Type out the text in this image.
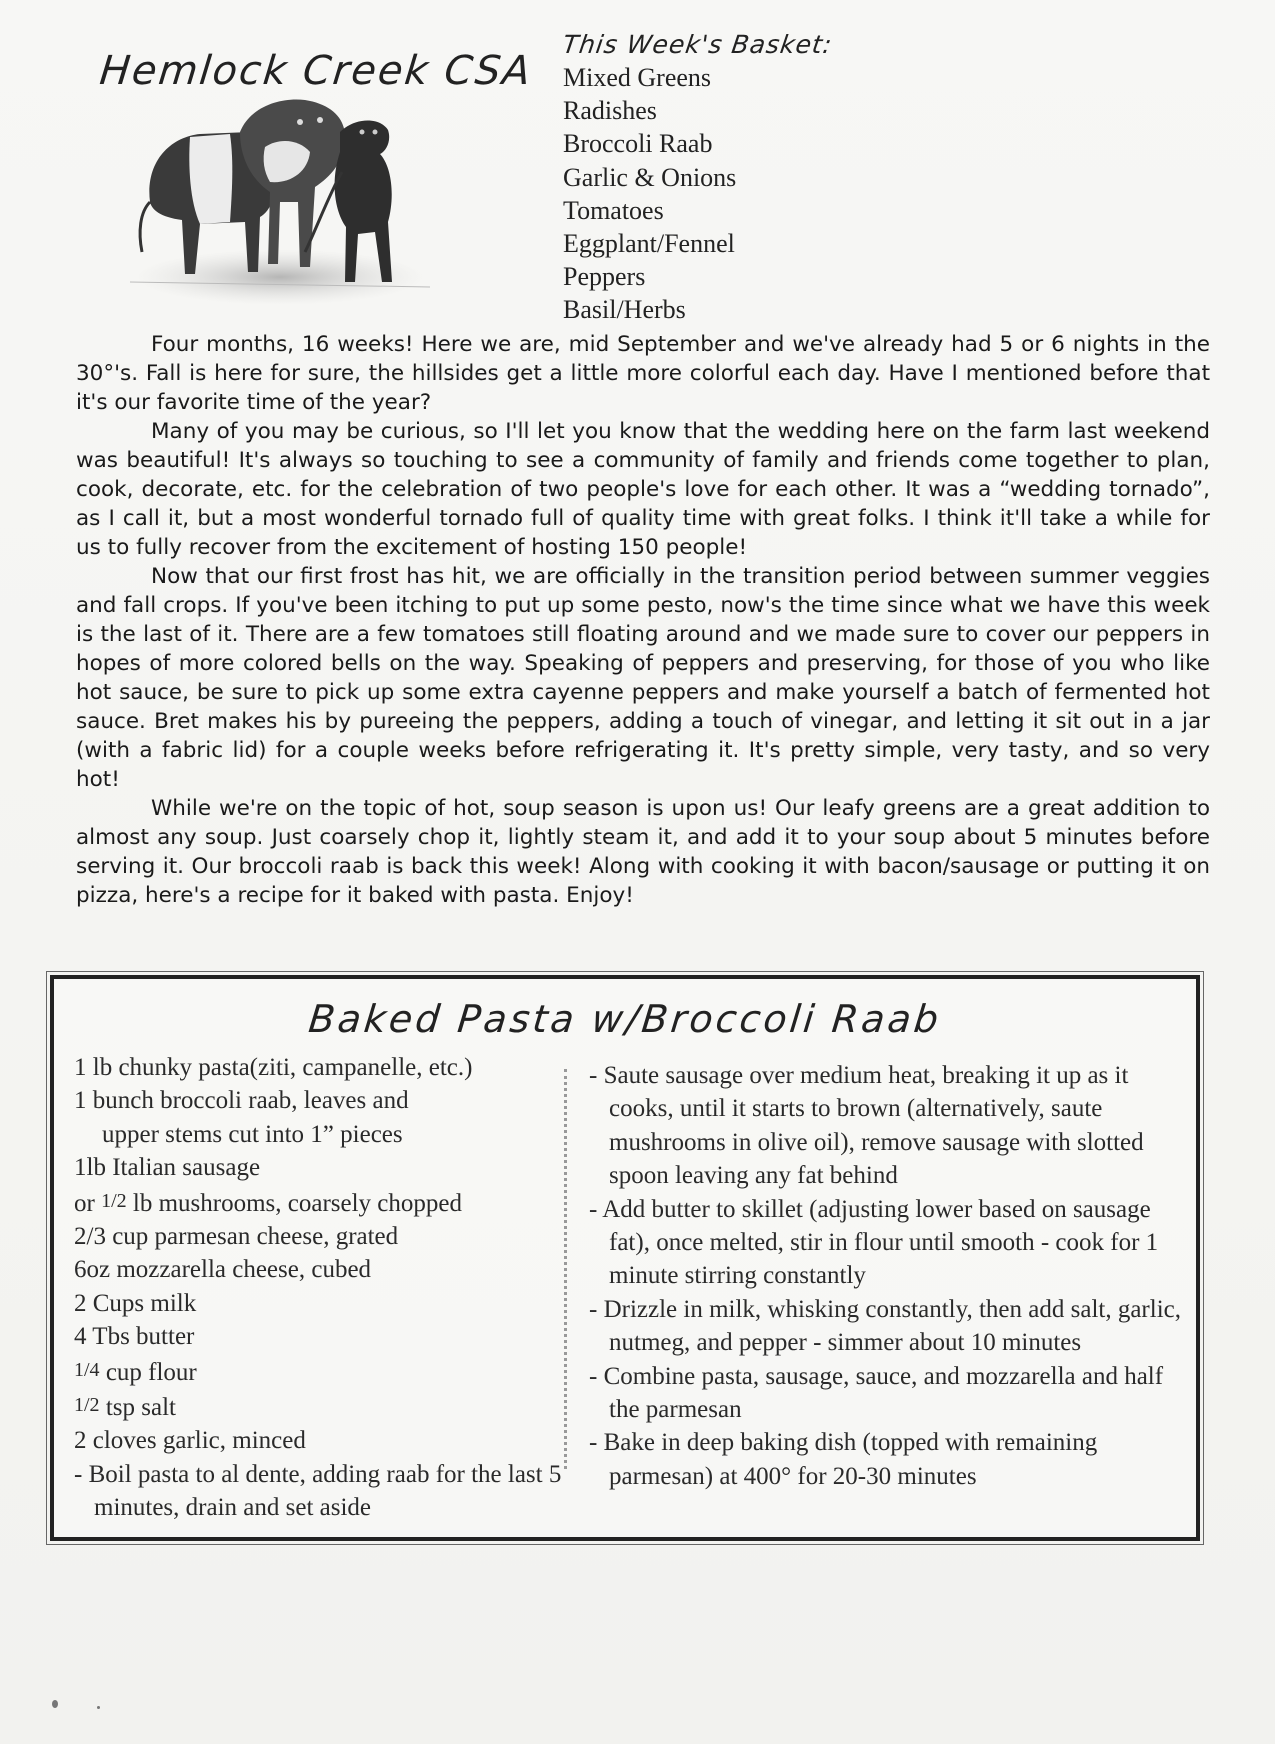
Hemlock Creek CSA
This Week's Basket:
Mixed Greens
Radishes
Broccoli Raab
Garlic & Onions
Tomatoes
Eggplant/Fennel
Peppers
Basil/Herbs

Four months, 16 weeks! Here we are, mid September and we've already had 5 or 6 nights in the 30°'s. Fall is here for sure, the hillsides get a little more colorful each day. Have I mentioned before that it's our favorite time of the year?

Many of you may be curious, so I'll let you know that the wedding here on the farm last weekend was beautiful! It's always so touching to see a community of family and friends come together to plan, cook, decorate, etc. for the celebration of two people's love for each other. It was a “wedding tornado”, as I call it, but a most wonderful tornado full of quality time with great folks. I think it'll take a while for us to fully recover from the excitement of hosting 150 people!

Now that our first frost has hit, we are officially in the transition period between summer veggies and fall crops. If you've been itching to put up some pesto, now's the time since what we have this week is the last of it. There are a few tomatoes still floating around and we made sure to cover our peppers in hopes of more colored bells on the way. Speaking of peppers and preserving, for those of you who like hot sauce, be sure to pick up some extra cayenne peppers and make yourself a batch of fermented hot sauce. Bret makes his by pureeing the peppers, adding a touch of vinegar, and letting it sit out in a jar (with a fabric lid) for a couple weeks before refrigerating it. It's pretty simple, very tasty, and so very hot!

While we're on the topic of hot, soup season is upon us! Our leafy greens are a great addition to almost any soup. Just coarsely chop it, lightly steam it, and add it to your soup about 5 minutes before serving it. Our broccoli raab is back this week! Along with cooking it with bacon/sausage or putting it on pizza, here's a recipe for it baked with pasta. Enjoy!

Baked Pasta w/Broccoli Raab
1 lb chunky pasta(ziti, campanelle, etc.)
1 bunch broccoli raab, leaves and
upper stems cut into 1” pieces
1lb Italian sausage
or 1/2 lb mushrooms, coarsely chopped
2/3 cup parmesan cheese, grated
6oz mozzarella cheese, cubed
2 Cups milk
4 Tbs butter
1/4 cup flour
1/2 tsp salt
2 cloves garlic, minced
- Boil pasta to al dente, adding raab for the last 5 minutes, drain and set aside

- Saute sausage over medium heat, breaking it up as it cooks, until it starts to brown (alternatively, saute mushrooms in olive oil), remove sausage with slotted spoon leaving any fat behind

- Add butter to skillet (adjusting lower based on sausage fat), once melted, stir in flour until smooth - cook for 1 minute stirring constantly

- Drizzle in milk, whisking constantly, then add salt, garlic, nutmeg, and pepper - simmer about 10 minutes

- Combine pasta, sausage, sauce, and mozzarella and half the parmesan

- Bake in deep baking dish (topped with remaining parmesan) at 400° for 20-30 minutes
